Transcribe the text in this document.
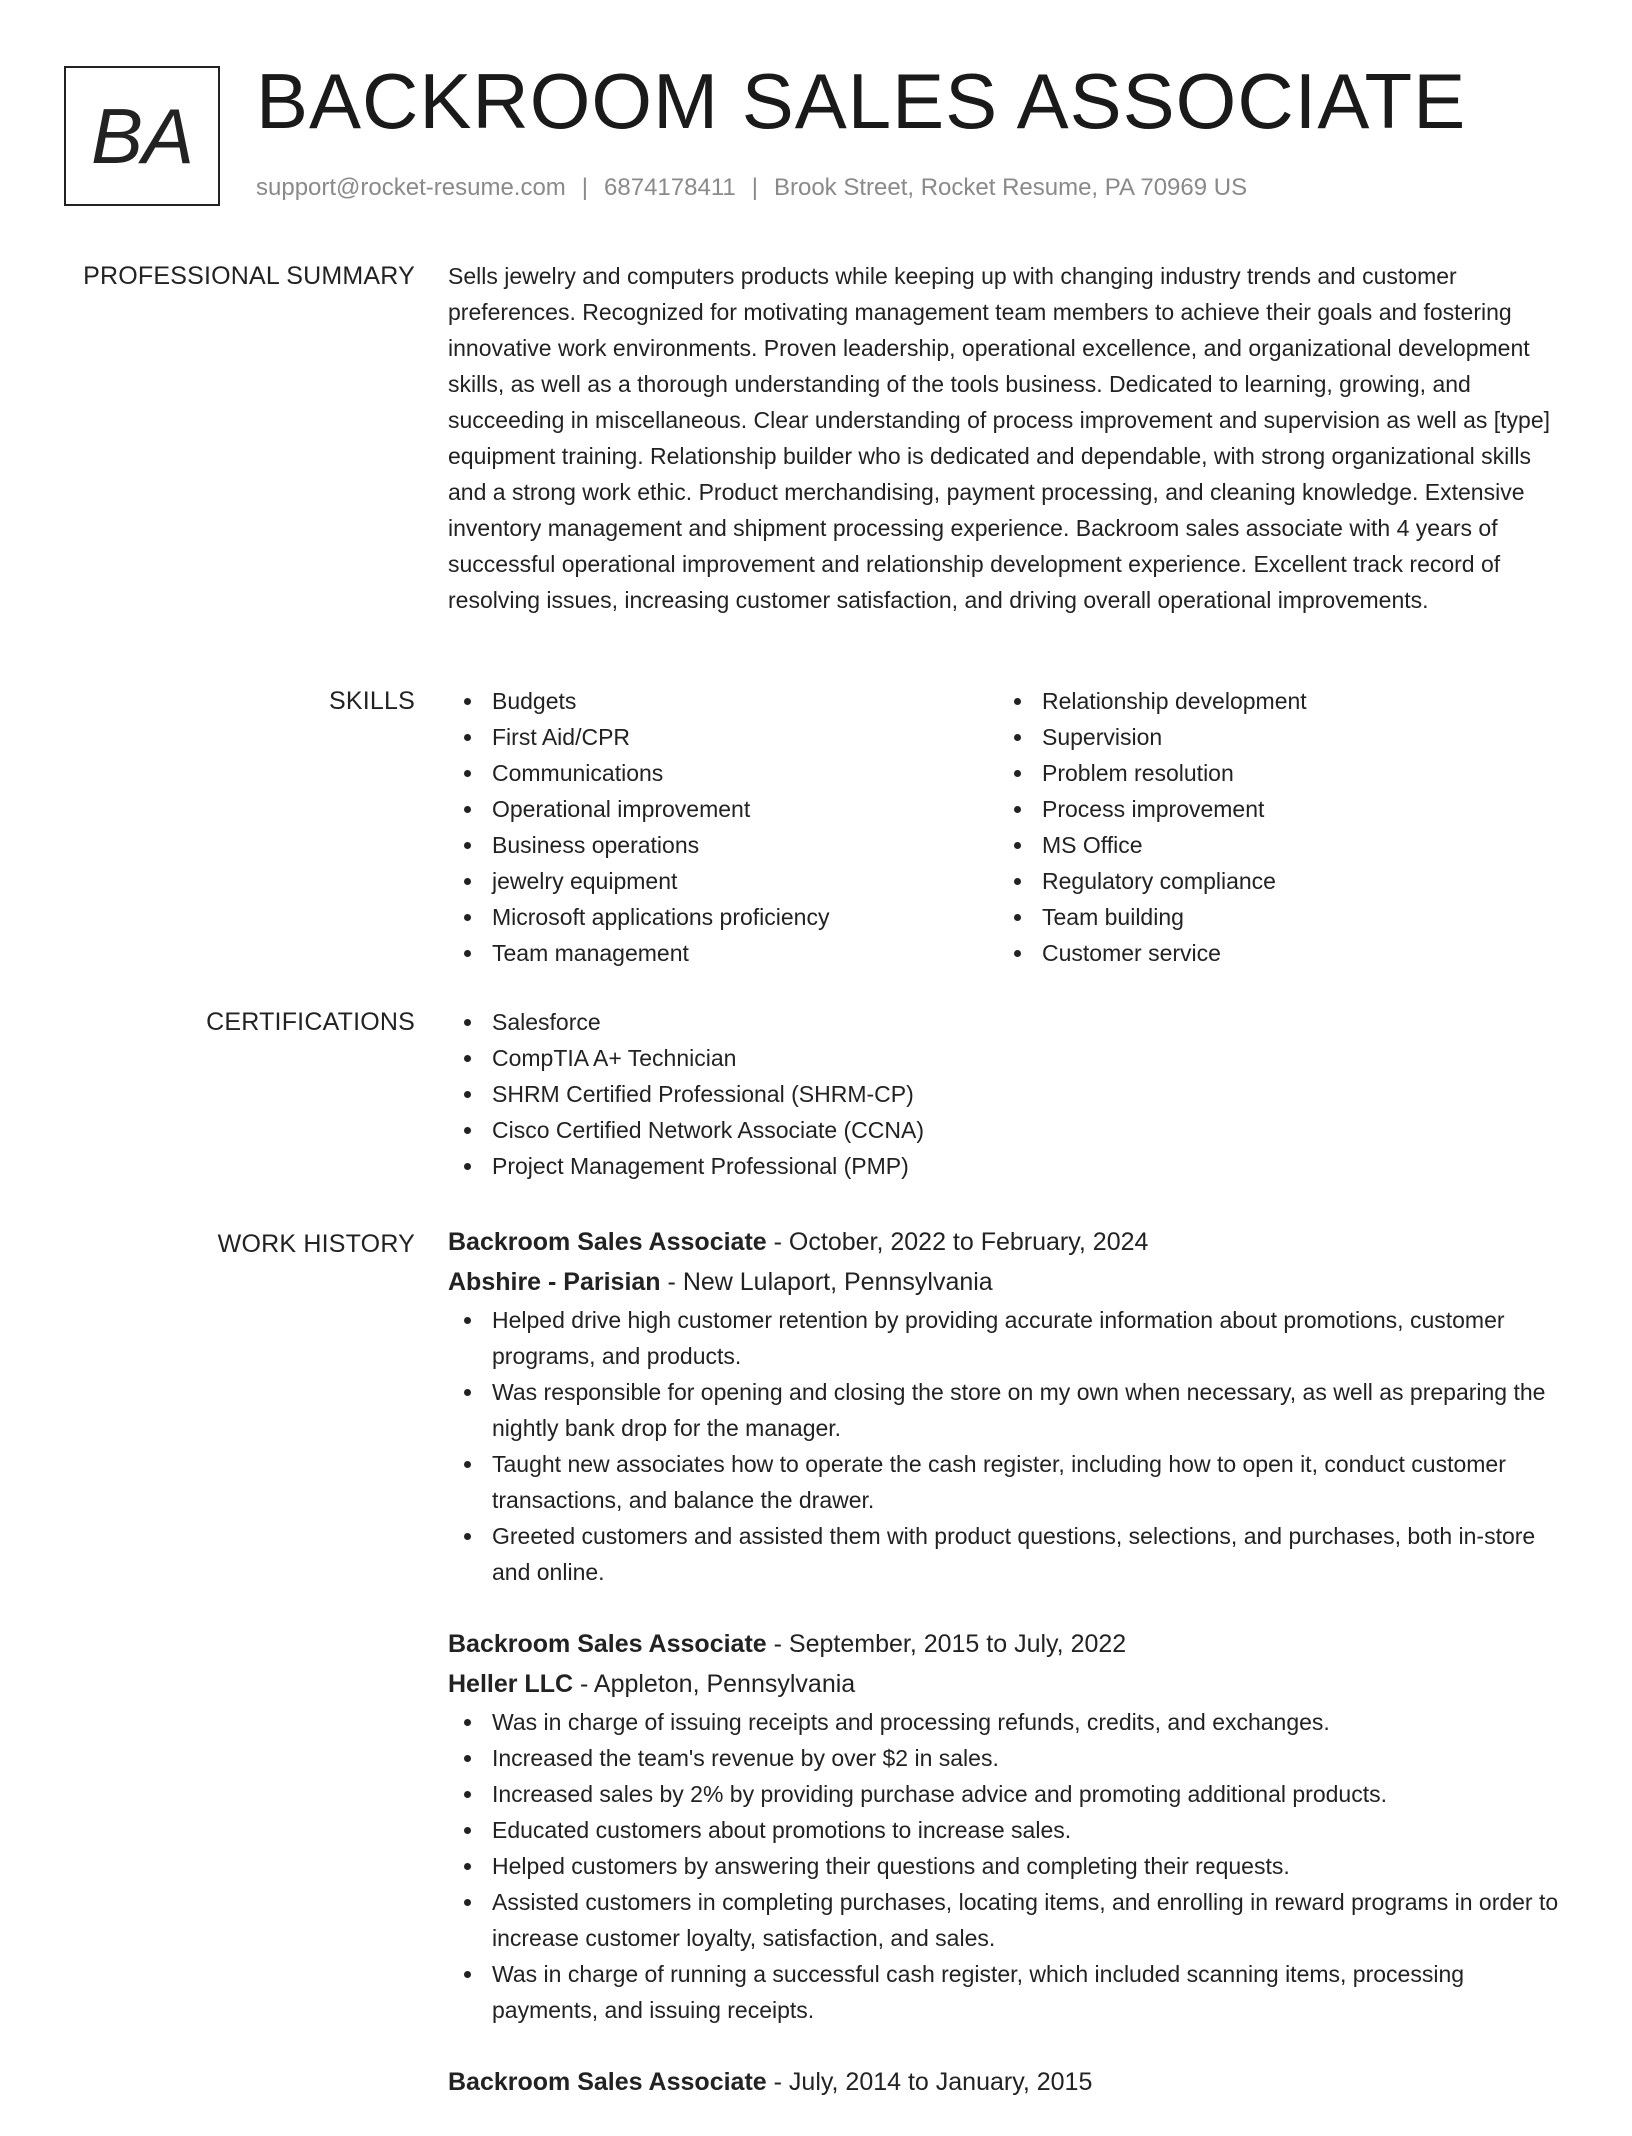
BA BACKROOM SALES ASSOCIATE
support@rocket-resume.com | 6874178411 | Brook Street, Rocket Resume, PA 70969 US
PROFESSIONAL SUMMARY Sells jewelry and computers products while keeping up with changing industry trends and customer preferences. Recognized for motivating management team members to achieve their goals and fostering innovative work environments. Proven leadership, operational excellence, and organizational development skills, as well as a thorough understanding of the tools business. Dedicated to learning, growing, and succeeding in miscellaneous. Clear understanding of process improvement and supervision as well as [type] equipment training. Relationship builder who is dedicated and dependable, with strong organizational skills and a strong work ethic. Product merchandising, payment processing, and cleaning knowledge. Extensive inventory management and shipment processing experience. Backroom sales associate with 4 years of successful operational improvement and relationship development experience. Excellent track record of resolving issues, increasing customer satisfaction, and driving overall operational improvements.

SKILLS	Budgets
First Aid/CPR
Communications
Operational improvement
Business operations
jewelry equipment
Microsoft applications proficiency
Team management
Relationship development
Supervision
Problem resolution
Process improvement
MS Office
Regulatory compliance
Team building
Customer service
CERTIFICATIONS	Salesforce
CompTIA A+ Technician
SHRM Certified Professional (SHRM-CP)
Cisco Certified Network Associate (CCNA)
Project Management Professional (PMP)
WORK HISTORY Backroom Sales Associate - October, 2022 to February, 2024
Abshire - Parisian - New Lulaport, Pennsylvania
Helped drive high customer retention by providing accurate information about promotions, customer programs, and products.
Was responsible for opening and closing the store on my own when necessary, as well as preparing the nightly bank drop for the manager.
Taught new associates how to operate the cash register, including how to open it, conduct customer transactions, and balance the drawer.
Greeted customers and assisted them with product questions, selections, and purchases, both in-store and online.
Backroom Sales Associate - September, 2015 to July, 2022
Heller LLC - Appleton, Pennsylvania
Was in charge of issuing receipts and processing refunds, credits, and exchanges.
Increased the team's revenue by over $2 in sales.
Increased sales by 2% by providing purchase advice and promoting additional products.
Educated customers about promotions to increase sales.
Helped customers by answering their questions and completing their requests.
Assisted customers in completing purchases, locating items, and enrolling in reward programs in order to increase customer loyalty, satisfaction, and sales.
Was in charge of running a successful cash register, which included scanning items, processing payments, and issuing receipts.
Backroom Sales Associate - July, 2014 to January, 2015
